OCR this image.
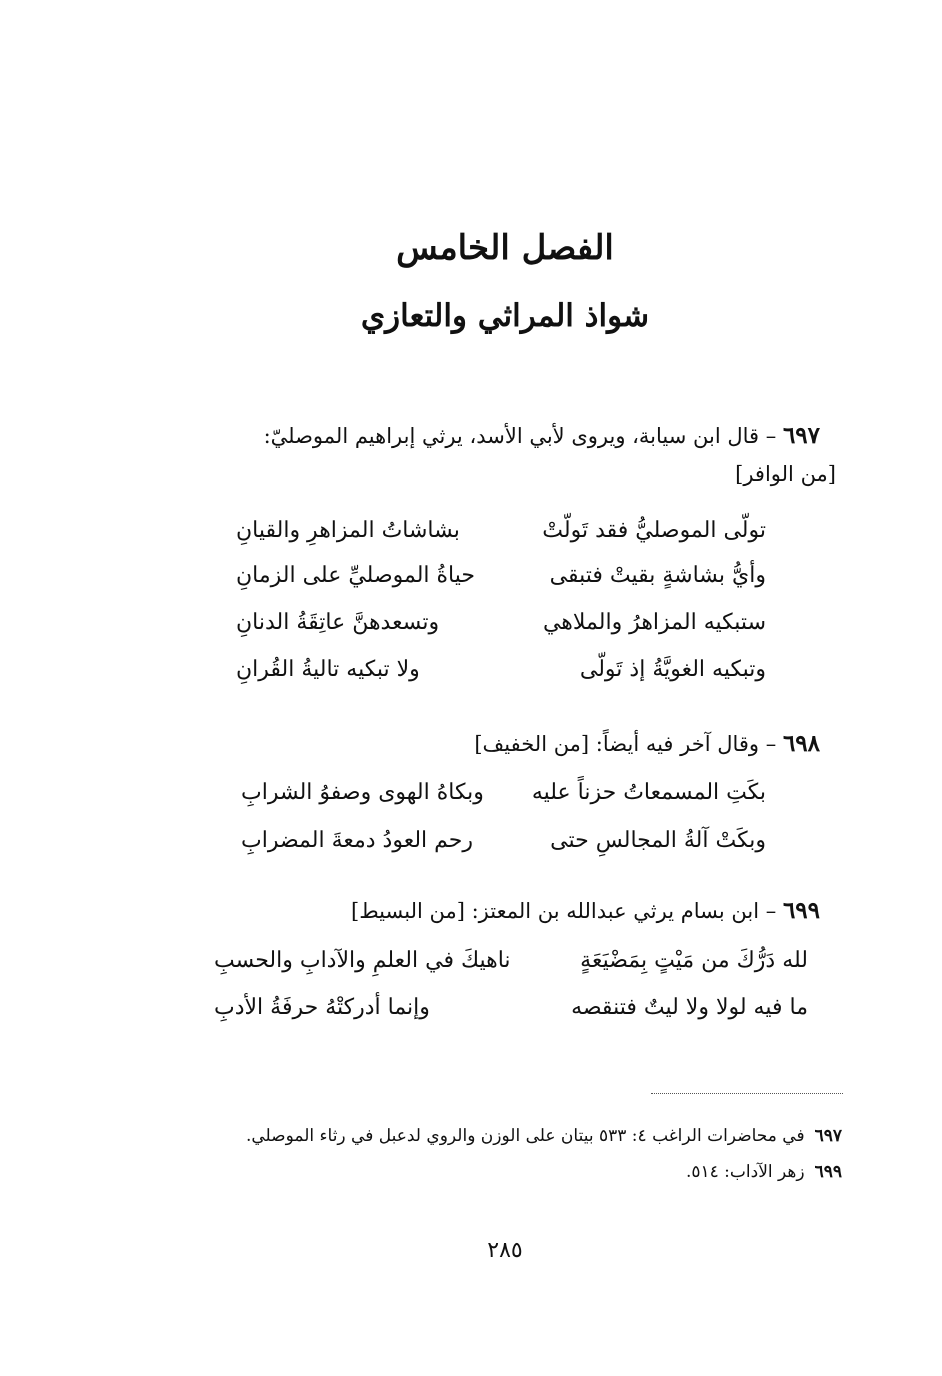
الفصل الخامس
شواذ المراثي والتعازي
٦٩٧ – قال ابن سيابة، ويروى لأبي الأسد، يرثي إبراهيم الموصليّ:
[من الوافر]
تولّى الموصليُّ فقد تَولّتْ
بشاشاتُ المزاهرِ والقيانِ
وأيُّ بشاشةٍ بقيتْ فتبقى
حياةُ الموصليِّ على الزمانِ
ستبكيه المزاهرُ والملاهي
وتسعدهنَّ عاتِقَةُ الدنانِ
وتبكيه الغويَّةُ إذ تَولّى
ولا تبكيه تاليةُ القُرانِ
٦٩٨ – وقال آخر فيه أيضاً: [من الخفيف]
بكَتِ المسمعاتُ حزناً عليه
وبكاهُ الهوى وصفوُ الشرابِ
وبكَتْ آلةُ المجالسِ حتى
رحم العودُ دمعةَ المضرابِ
٦٩٩ – ابن بسام يرثي عبدالله بن المعتز: [من البسيط]
لله دَرُّكَ من مَيْتٍ بِمَضْيَعَةٍ
ناهيكَ في العلمِ والآدابِ والحسبِ
ما فيه لولا ولا ليتٌ فتنقصه
وإنما أدركتْهُ حرفَةُ الأدبِ
٦٩٧في محاضرات الراغب ٤: ٥٣٣ بيتان على الوزن والروي لدعبل في رثاء الموصلي.
٦٩٩زهر الآداب: ٥١٤.
٢٨٥
